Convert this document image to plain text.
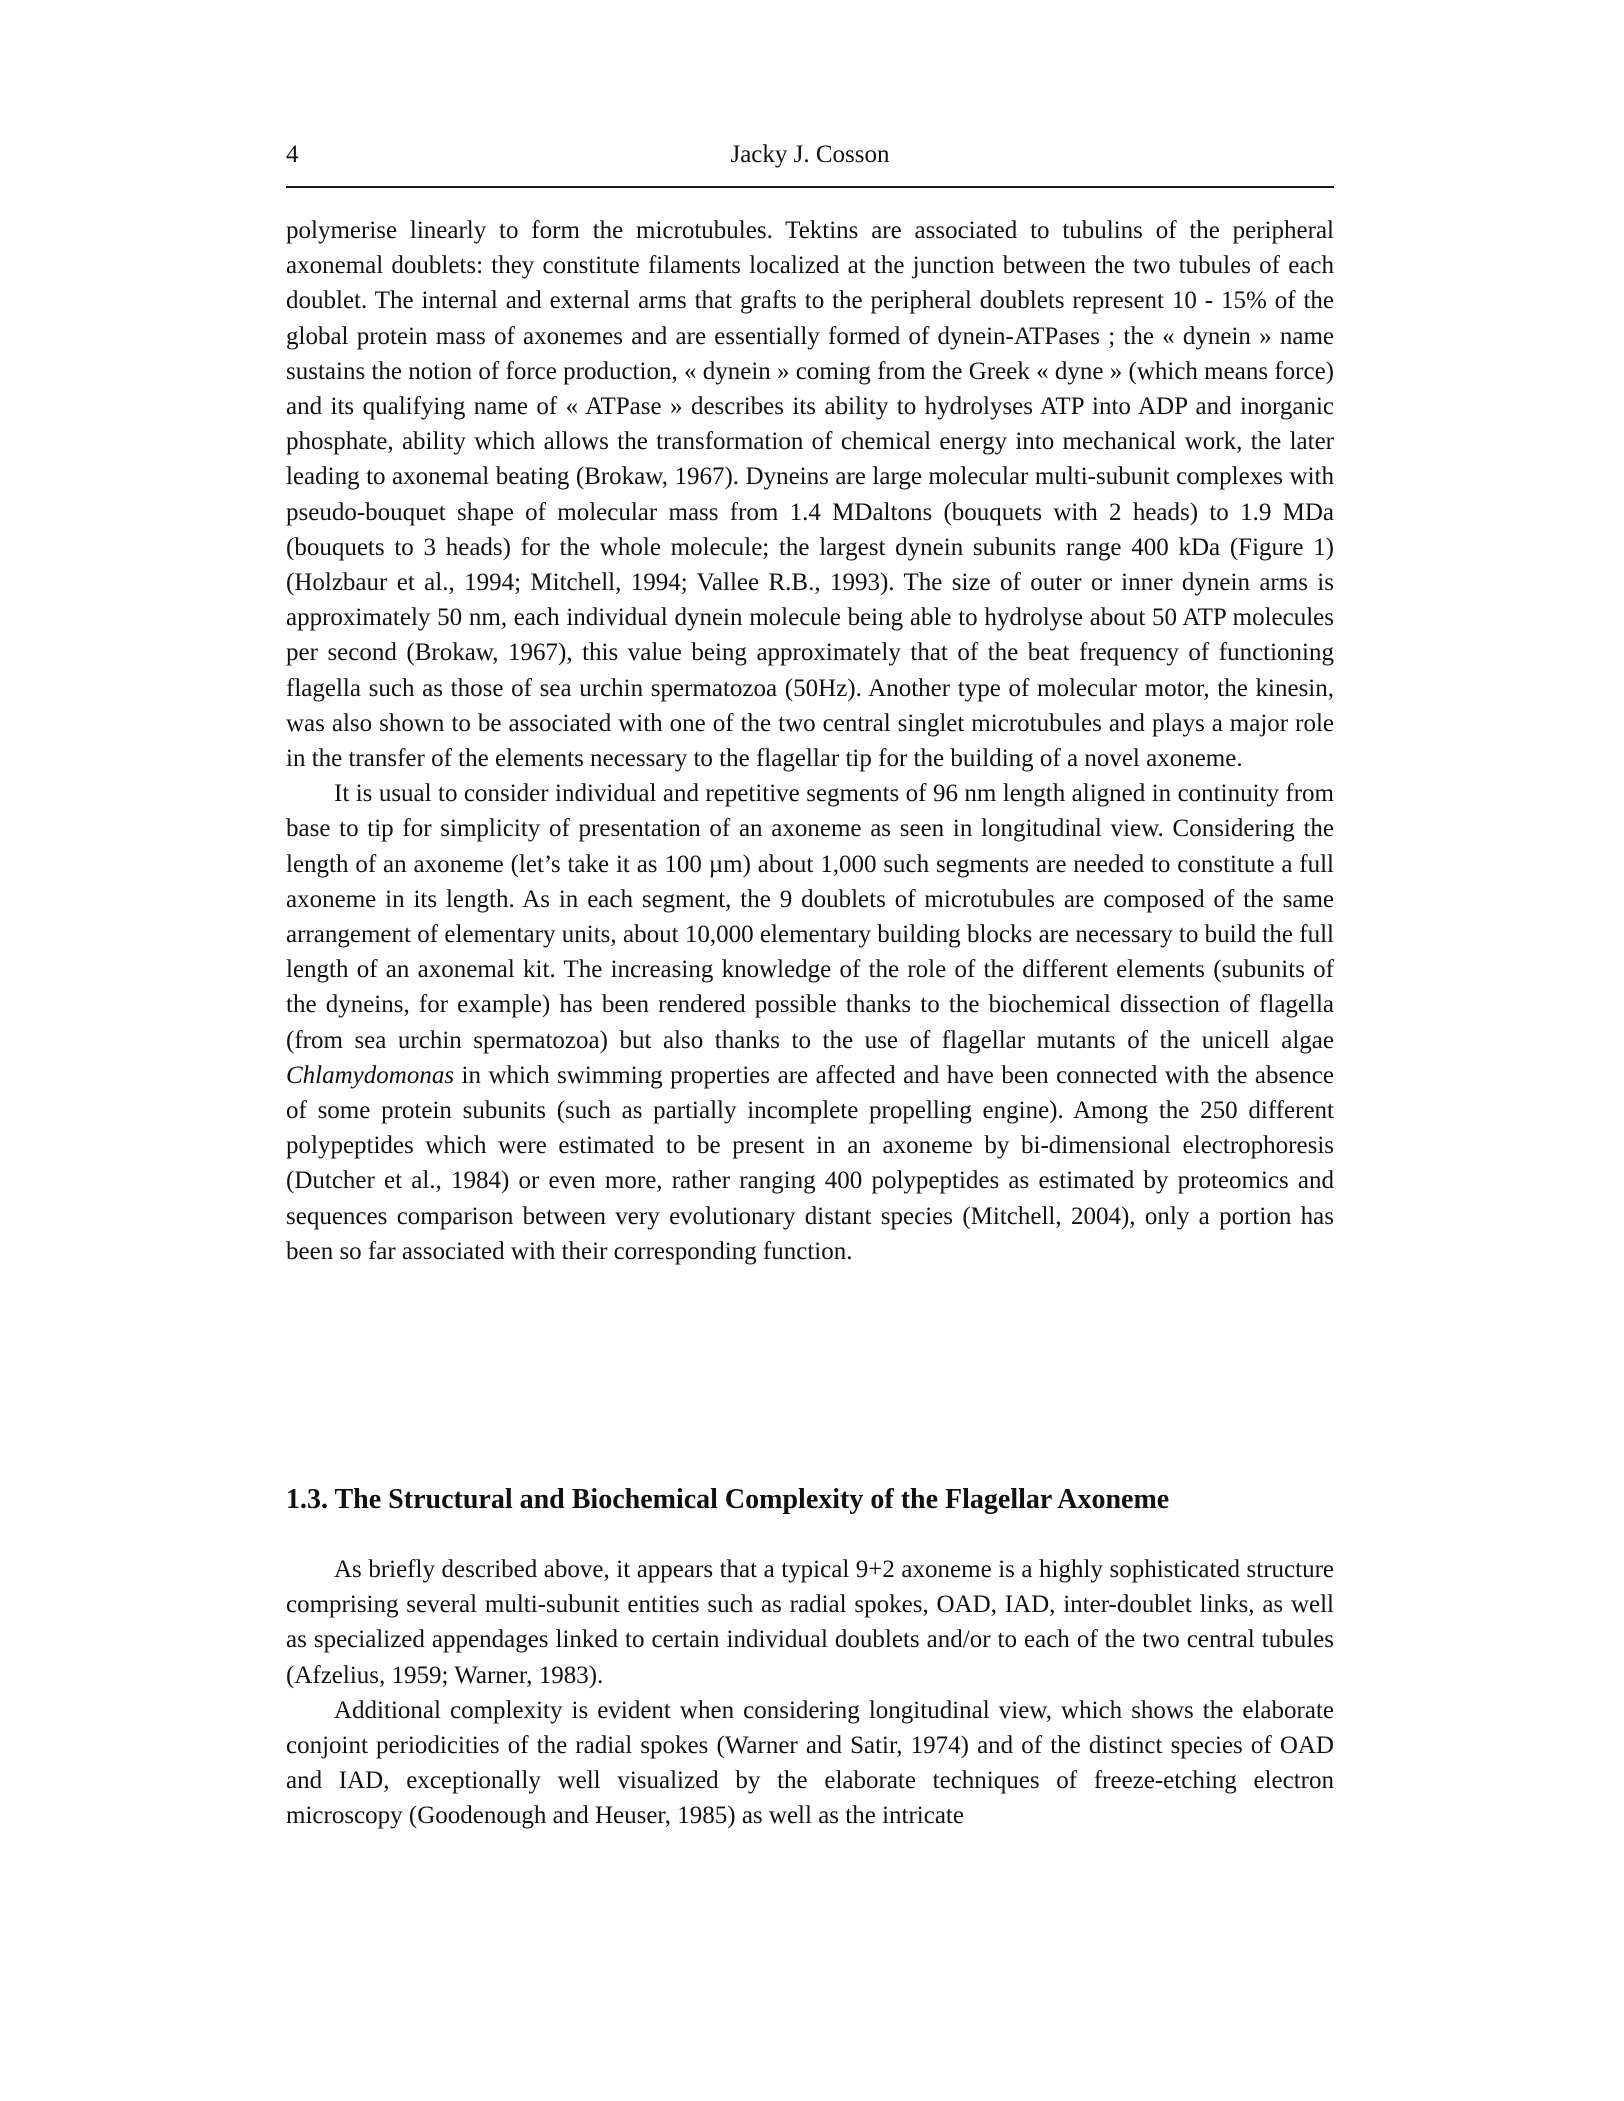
4	Jacky J. Cosson

polymerise linearly to form the microtubules. Tektins are associated to tubulins of the peripheral axonemal doublets: they constitute filaments localized at the junction between the two tubules of each doublet. The internal and external arms that grafts to the peripheral doublets represent 10 - 15% of the global protein mass of axonemes and are essentially formed of dynein-ATPases ; the « dynein » name sustains the notion of force production, « dynein » coming from the Greek « dyne » (which means force) and its qualifying name of « ATPase » describes its ability to hydrolyses ATP into ADP and inorganic phosphate, ability which allows the transformation of chemical energy into mechanical work, the later leading to axonemal beating (Brokaw, 1967). Dyneins are large molecular multi-subunit complexes with pseudo-bouquet shape of molecular mass from 1.4 MDaltons (bouquets with 2 heads) to 1.9 MDa (bouquets to 3 heads) for the whole molecule; the largest dynein subunits range 400 kDa (Figure 1) (Holzbaur et al., 1994; Mitchell, 1994; Vallee R.B., 1993). The size of outer or inner dynein arms is approximately 50 nm, each individual dynein molecule being able to hydrolyse about 50 ATP molecules per second (Brokaw, 1967), this value being approximately that of the beat frequency of functioning flagella such as those of sea urchin spermatozoa (50Hz). Another type of molecular motor, the kinesin, was also shown to be associated with one of the two central singlet microtubules and plays a major role in the transfer of the elements necessary to the flagellar tip for the building of a novel axoneme.

It is usual to consider individual and repetitive segments of 96 nm length aligned in continuity from base to tip for simplicity of presentation of an axoneme as seen in longitudinal view. Considering the length of an axoneme (let’s take it as 100 µm) about 1,000 such segments are needed to constitute a full axoneme in its length. As in each segment, the 9 doublets of microtubules are composed of the same arrangement of elementary units, about 10,000 elementary building blocks are necessary to build the full length of an axonemal kit. The increasing knowledge of the role of the different elements (subunits of the dyneins, for example) has been rendered possible thanks to the biochemical dissection of flagella (from sea urchin spermatozoa) but also thanks to the use of flagellar mutants of the unicell algae Chlamydomonas in which swimming properties are affected and have been connected with the absence of some protein subunits (such as partially incomplete propelling engine). Among the 250 different polypeptides which were estimated to be present in an axoneme by bi-dimensional electrophoresis (Dutcher et al., 1984) or even more, rather ranging 400 polypeptides as estimated by proteomics and sequences comparison between very evolutionary distant species (Mitchell, 2004), only a portion has been so far associated with their corresponding function.

1.3. The Structural and Biochemical Complexity of the Flagellar Axoneme

As briefly described above, it appears that a typical 9+2 axoneme is a highly sophisticated structure comprising several multi-subunit entities such as radial spokes, OAD, IAD, inter-doublet links, as well as specialized appendages linked to certain individual doublets and/or to each of the two central tubules (Afzelius, 1959; Warner, 1983).

Additional complexity is evident when considering longitudinal view, which shows the elaborate conjoint periodicities of the radial spokes (Warner and Satir, 1974) and of the distinct species of OAD and IAD, exceptionally well visualized by the elaborate techniques of freeze-etching electron microscopy (Goodenough and Heuser, 1985) as well as the intricate
